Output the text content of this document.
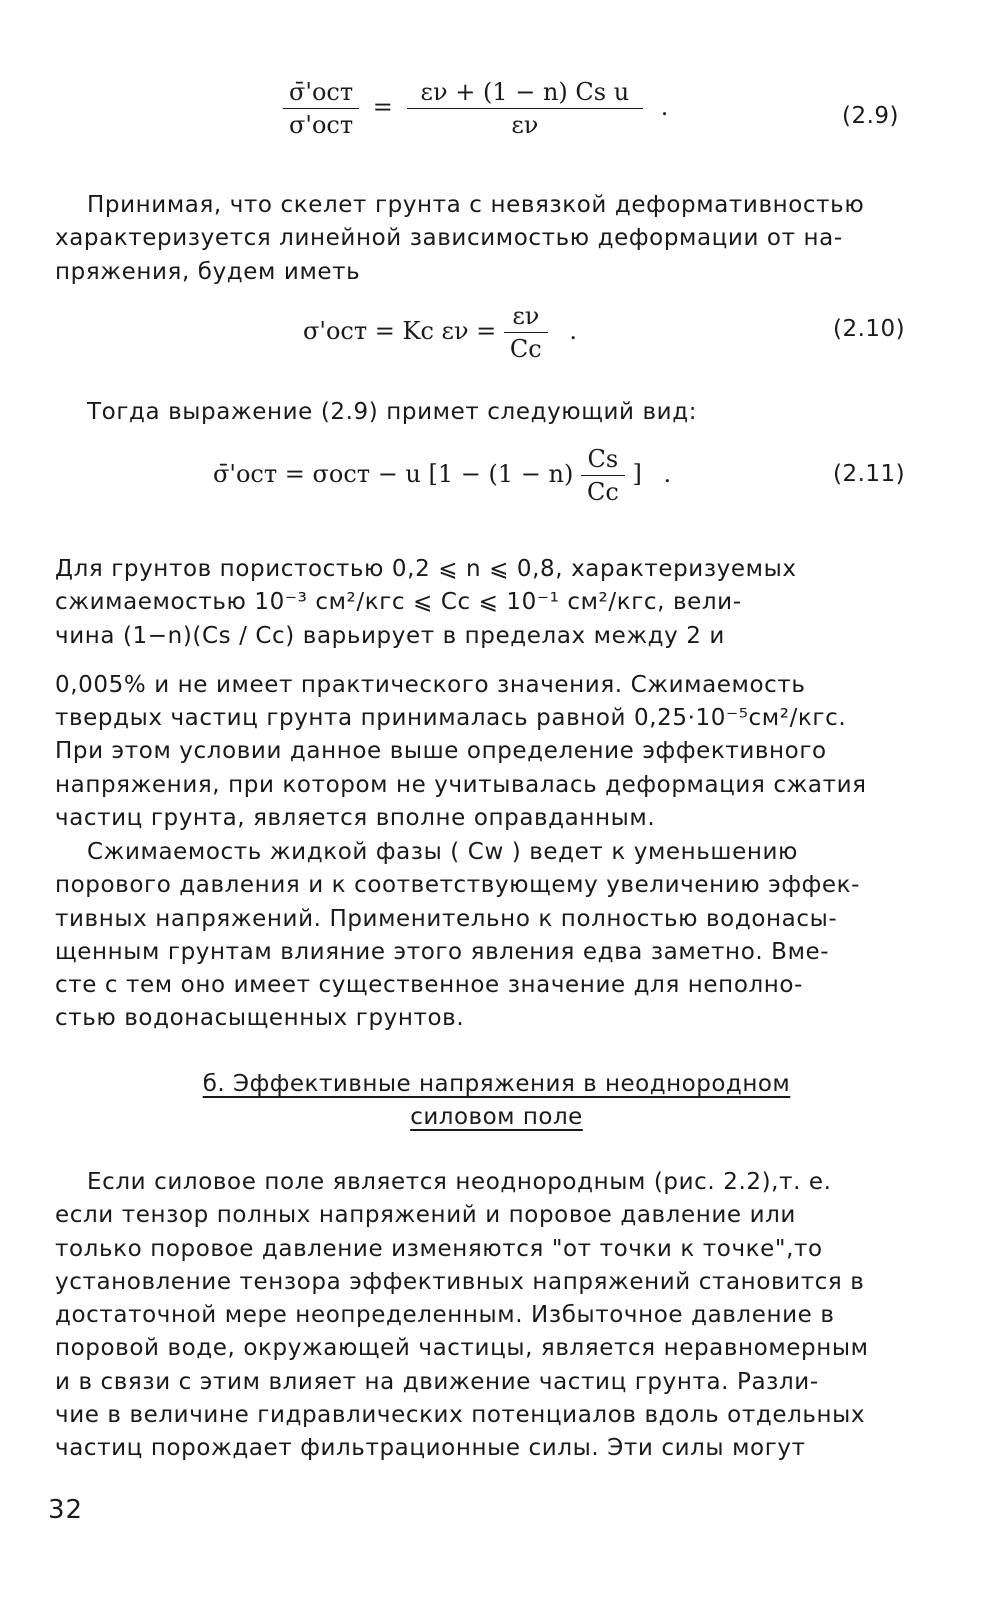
$\frac{\text{σ̄'ост}}{\text{σ'ост}} = \frac{\text{εν + (1 − n) Cs u}}{\varepsilon\nu}$ .	(2.9)
Принимая, что скелет грунта с невязкой деформативностью
характеризуется линейной зависимостью деформации от на-
пряжения, будем иметь
σ'ост = Kc $\varepsilon\nu = \frac{\varepsilon\nu}{Cc}$ .	(2.10)
Тогда выражение (2.9) примет следующий вид:
σ̄'ост = σост − u [$1 - (1 - n) \frac{Cs}{Cc}$ ] .	(2.11)
Для грунтов пористостью 0,2 ⩽ n ⩽ 0,8, характеризуемых
сжимаемостью 10⁻³ см²/кгс ⩽ Cc ⩽ 10⁻¹ см²/кгс, вели-
чина (1−n)(Cs / Cc) варьирует в пределах между 2 и
0,005% и не имеет практического значения. Сжимаемость
твердых частиц грунта принималась равной 0,25·10⁻⁵см²/кгс.
При этом условии данное выше определение эффективного
напряжения, при котором не учитывалась деформация сжатия
частиц грунта, является вполне оправданным.
Сжимаемость жидкой фазы ( Cw ) ведет к уменьшению
порового давления и к соответствующему увеличению эффек-
тивных напряжений. Применительно к полностью водонасы-
щенным грунтам влияние этого явления едва заметно. Вме-
сте с тем оно имеет существенное значение для неполно-
стью водонасыщенных грунтов.
б. Эффективные напряжения в неоднородном
силовом поле
Если силовое поле является неоднородным (рис. 2.2),т. е.
если тензор полных напряжений и поровое давление или
только поровое давление изменяются "от точки к точке",то
установление тензора эффективных напряжений становится в
достаточной мере неопределенным. Избыточное давление в
поровой воде, окружающей частицы, является неравномерным
и в связи с этим влияет на движение частиц грунта. Разли-
чие в величине гидравлических потенциалов вдоль отдельных
частиц порождает фильтрационные силы. Эти силы могут
32
